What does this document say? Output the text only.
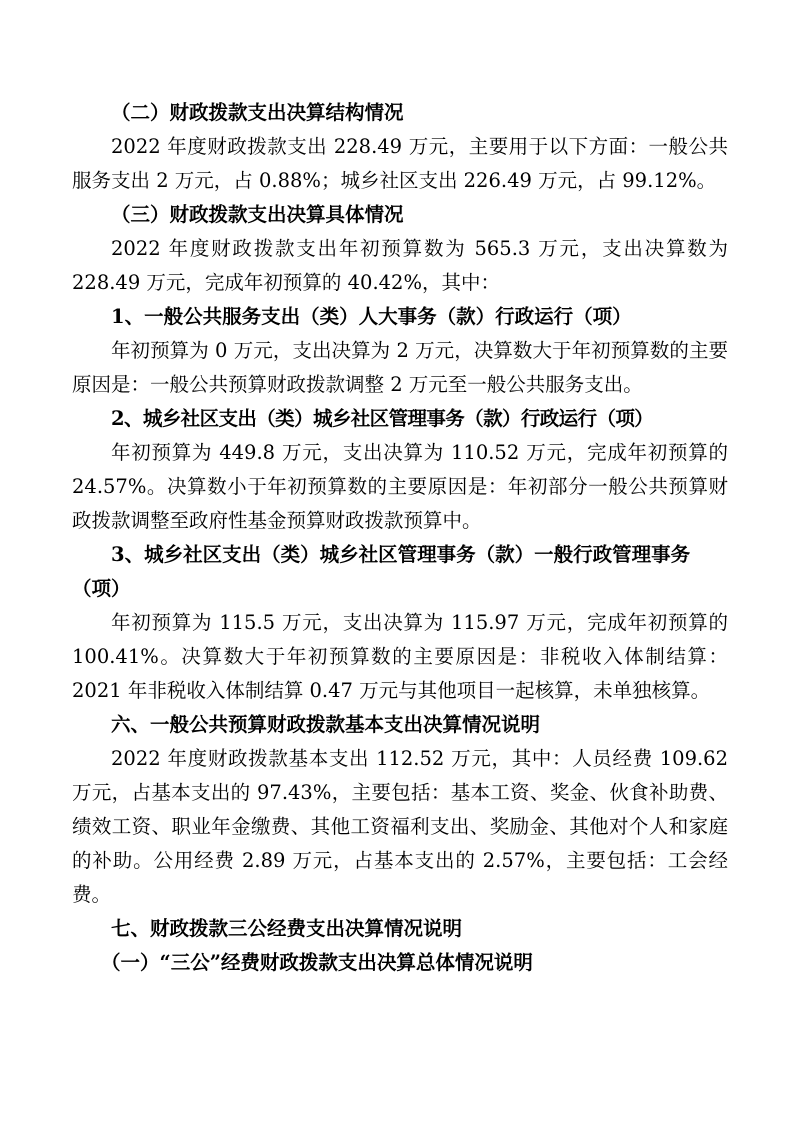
（二）财政拨款支出决算结构情况
2022 年度财政拨款支出 228.49 万元，主要用于以下方面：一般公共服务支出 2 万元，占 0.88%；城乡社区支出 226.49 万元，占 99.12%。
（三）财政拨款支出决算具体情况
2022 年度财政拨款支出年初预算数为 565.3 万元，支出决算数为 228.49 万元，完成年初预算的 40.42%，其中：
1、一般公共服务支出（类）人大事务（款）行政运行（项）
年初预算为 0 万元，支出决算为 2 万元，决算数大于年初预算数的主要原因是：一般公共预算财政拨款调整 2 万元至一般公共服务支出。
2、城乡社区支出（类）城乡社区管理事务（款）行政运行（项）
年初预算为 449.8 万元，支出决算为 110.52 万元，完成年初预算的 24.57%。决算数小于年初预算数的主要原因是：年初部分一般公共预算财政拨款调整至政府性基金预算财政拨款预算中。
3、城乡社区支出（类）城乡社区管理事务（款）一般行政管理事务（项）
年初预算为 115.5 万元，支出决算为 115.97 万元，完成年初预算的 100.41%。决算数大于年初预算数的主要原因是：非税收入体制结算：2021 年非税收入体制结算 0.47 万元与其他项目一起核算，未单独核算。
六、一般公共预算财政拨款基本支出决算情况说明
2022 年度财政拨款基本支出 112.52 万元，其中：人员经费 109.62 万元，占基本支出的 97.43%，主要包括：基本工资、奖金、伙食补助费、绩效工资、职业年金缴费、其他工资福利支出、奖励金、其他对个人和家庭的补助。公用经费 2.89 万元，占基本支出的 2.57%，主要包括：工会经费。
七、财政拨款三公经费支出决算情况说明
（一）“三公”经费财政拨款支出决算总体情况说明
